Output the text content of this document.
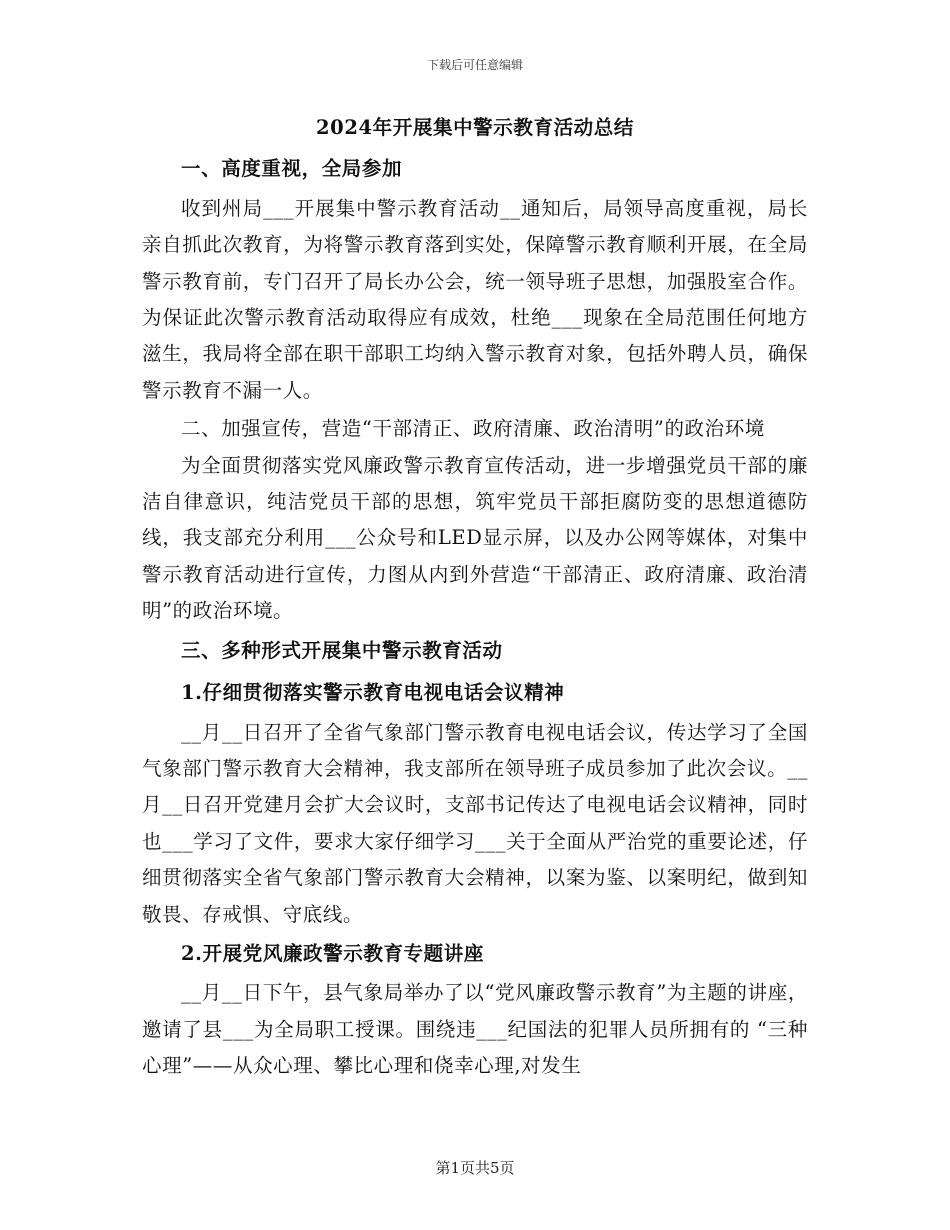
下载后可任意编辑
2024年开展集中警示教育活动总结
一、高度重视，全局参加
收到州局___开展集中警示教育活动__通知后，局领导高度重视，局长亲自抓此次教育，为将警示教育落到实处，保障警示教育顺利开展，在全局警示教育前，专门召开了局长办公会，统一领导班子思想，加强股室合作。为保证此次警示教育活动取得应有成效，杜绝___现象在全局范围任何地方滋生，我局将全部在职干部职工均纳入警示教育对象，包括外聘人员，确保警示教育不漏一人。
二、加强宣传，营造“干部清正、政府清廉、政治清明”的政治环境
为全面贯彻落实党风廉政警示教育宣传活动，进一步增强党员干部的廉洁自律意识，纯洁党员干部的思想，筑牢党员干部拒腐防变的思想道德防线，我支部充分利用___公众号和LED显示屏，以及办公网等媒体，对集中警示教育活动进行宣传，力图从内到外营造“干部清正、政府清廉、政治清明”的政治环境。
三、多种形式开展集中警示教育活动
1.仔细贯彻落实警示教育电视电话会议精神
__月__日召开了全省气象部门警示教育电视电话会议，传达学习了全国气象部门警示教育大会精神，我支部所在领导班子成员参加了此次会议。__月__日召开党建月会扩大会议时，支部书记传达了电视电话会议精神，同时也___学习了文件，要求大家仔细学习___关于全面从严治党的重要论述，仔细贯彻落实全省气象部门警示教育大会精神，以案为鉴、以案明纪，做到知敬畏、存戒惧、守底线。
2.开展党风廉政警示教育专题讲座
__月__日下午，县气象局举办了以“党风廉政警示教育”为主题的讲座，邀请了县___为全局职工授课。围绕违___纪国法的犯罪人员所拥有的 “三种心理”——从众心理、攀比心理和侥幸心理,对发生
第1页共5页
